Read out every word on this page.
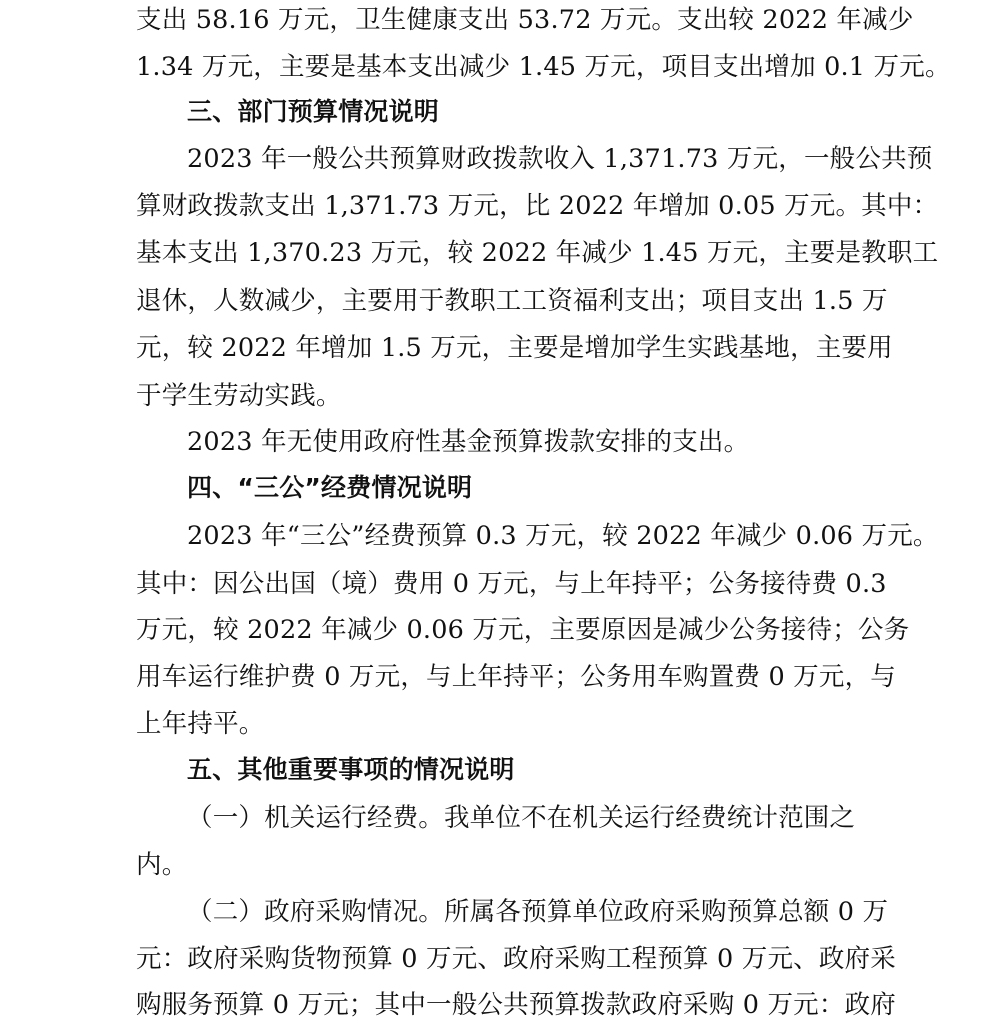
支出 58.16 万元，卫生健康支出 53.72 万元。支出较 2022 年减少
1.34 万元，主要是基本支出减少 1.45 万元，项目支出增加 0.1 万元。
三、部门预算情况说明
2023 年一般公共预算财政拨款收入 1,371.73 万元，一般公共预
算财政拨款支出 1,371.73 万元，比 2022 年增加 0.05 万元。其中：
基本支出 1,370.23 万元，较 2022 年减少 1.45 万元，主要是教职工
退休，人数减少，主要用于教职工工资福利支出；项目支出 1.5 万
元，较 2022 年增加 1.5 万元，主要是增加学生实践基地，主要用
于学生劳动实践。
2023 年无使用政府性基金预算拨款安排的支出。
四、“三公”经费情况说明
2023 年“三公”经费预算 0.3 万元，较 2022 年减少 0.06 万元。
其中：因公出国（境）费用 0 万元，与上年持平；公务接待费 0.3
万元，较 2022 年减少 0.06 万元，主要原因是减少公务接待；公务
用车运行维护费 0 万元，与上年持平；公务用车购置费 0 万元，与
上年持平。
五、其他重要事项的情况说明
（一）机关运行经费。我单位不在机关运行经费统计范围之
内。
（二）政府采购情况。所属各预算单位政府采购预算总额 0 万
元：政府采购货物预算 0 万元、政府采购工程预算 0 万元、政府采
购服务预算 0 万元；其中一般公共预算拨款政府采购 0 万元：政府
